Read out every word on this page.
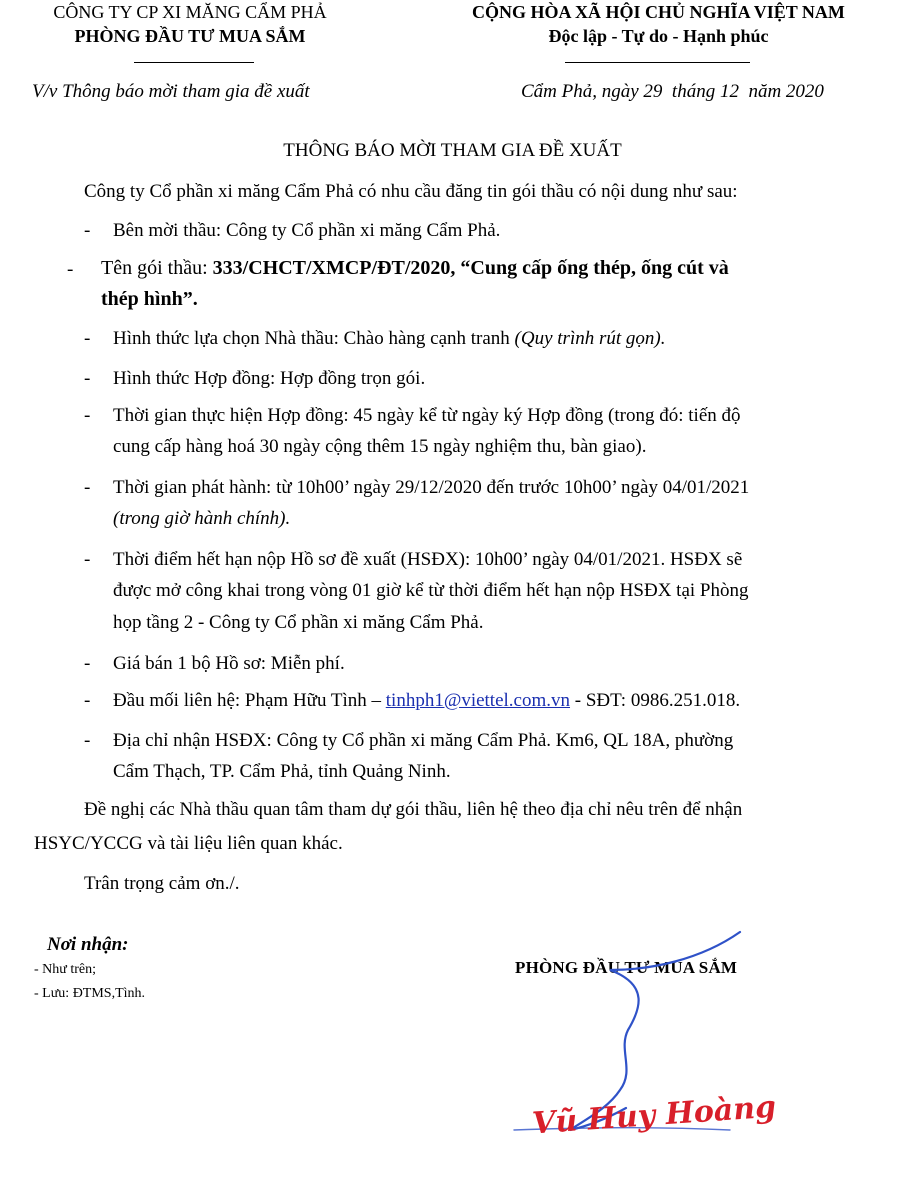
CÔNG TY CP XI MĂNG CẨM PHẢ
PHÒNG ĐẦU TƯ MUA SẮM
CỘNG HÒA XÃ HỘI CHỦ NGHĨA VIỆT NAM
Độc lập - Tự do - Hạnh phúc
V/v Thông báo mời tham gia đề xuất	Cẩm Phả, ngày 29  tháng 12  năm 2020
THÔNG BÁO MỜI THAM GIA ĐỀ XUẤT
Công ty Cổ phần xi măng Cẩm Phả có nhu cầu đăng tin gói thầu có nội dung như sau:
- Bên mời thầu: Công ty Cổ phần xi măng Cẩm Phả.
- Tên gói thầu: 333/CHCT/XMCP/ĐT/2020, “Cung cấp ống thép, ống cút và
thép hình”.
- Hình thức lựa chọn Nhà thầu: Chào hàng cạnh tranh (Quy trình rút gọn).
- Hình thức Hợp đồng: Hợp đồng trọn gói.
- Thời gian thực hiện Hợp đồng: 45 ngày kể từ ngày ký Hợp đồng (trong đó: tiến độ
cung cấp hàng hoá 30 ngày cộng thêm 15 ngày nghiệm thu, bàn giao).
- Thời gian phát hành: từ 10h00’ ngày 29/12/2020 đến trước 10h00’ ngày 04/01/2021
(trong giờ hành chính).
- Thời điểm hết hạn nộp Hồ sơ đề xuất (HSĐX): 10h00’ ngày 04/01/2021. HSĐX sẽ
được mở công khai trong vòng 01 giờ kể từ thời điểm hết hạn nộp HSĐX tại Phòng
họp tầng 2 - Công ty Cổ phần xi măng Cẩm Phả.
- Giá bán 1 bộ Hồ sơ: Miễn phí.
- Đầu mối liên hệ: Phạm Hữu Tình – tinhph1@viettel.com.vn - SĐT: 0986.251.018.
- Địa chỉ nhận HSĐX: Công ty Cổ phần xi măng Cẩm Phả. Km6, QL 18A, phường
Cẩm Thạch, TP. Cẩm Phả, tỉnh Quảng Ninh.
Đề nghị các Nhà thầu quan tâm tham dự gói thầu, liên hệ theo địa chỉ nêu trên để nhận
HSYC/YCCG và tài liệu liên quan khác.
Trân trọng cảm ơn./.
Nơi nhận:
- Như trên;
- Lưu: ĐTMS,Tình.
PHÒNG ĐẦU TƯ MUA SẮM
Vũ Huy Hoàng
